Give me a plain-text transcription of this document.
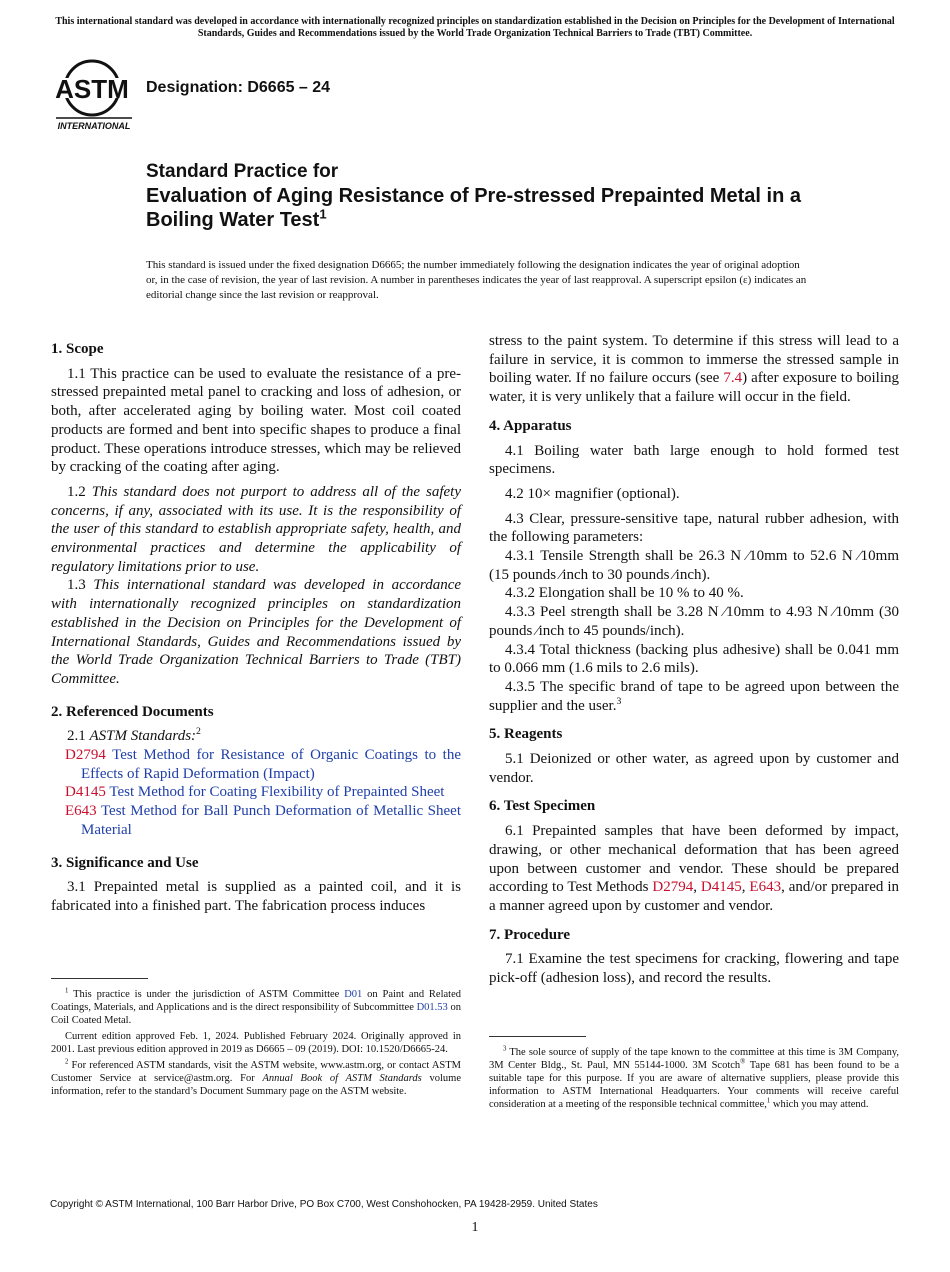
This international standard was developed in accordance with internationally recognized principles on standardization established in the Decision on Principles for the Development of International Standards, Guides and Recommendations issued by the World Trade Organization Technical Barriers to Trade (TBT) Committee.
ASTM
INTERNATIONAL
Designation: D6665 – 24
Standard Practice for
Evaluation of Aging Resistance of Pre-stressed Prepainted Metal in a Boiling Water Test$^1$
This standard is issued under the fixed designation D6665; the number immediately following the designation indicates the year of original adoption or, in the case of revision, the year of last revision. A number in parentheses indicates the year of last reapproval. A superscript epsilon (ε) indicates an editorial change since the last revision or reapproval.

1. Scope

1.1 This practice can be used to evaluate the resistance of a pre-stressed prepainted metal panel to cracking and loss of adhesion, or both, after accelerated aging by boiling water. Most coil coated products are formed and bent into specific shapes to produce a final product. These operations introduce stresses, which may be relieved by cracking of the coating after aging.

1.2 This standard does not purport to address all of the safety concerns, if any, associated with its use. It is the responsibility of the user of this standard to establish appropriate safety, health, and environmental practices and determine the applicability of regulatory limitations prior to use.

1.3 This international standard was developed in accordance with internationally recognized principles on standardization established in the Decision on Principles for the Development of International Standards, Guides and Recommendations issued by the World Trade Organization Technical Barriers to Trade (TBT) Committee.

2. Referenced Documents

2.1 ASTM Standards:$^2$

D2794 Test Method for Resistance of Organic Coatings to the Effects of Rapid Deformation (Impact)

D4145 Test Method for Coating Flexibility of Prepainted Sheet

E643 Test Method for Ball Punch Deformation of Metallic Sheet Material

3. Significance and Use

3.1 Prepainted metal is supplied as a painted coil, and it is fabricated into a finished part. The fabrication process induces

$^1$ This practice is under the jurisdiction of ASTM Committee D01 on Paint and Related Coatings, Materials, and Applications and is the direct responsibility of Subcommittee D01.53 on Coil Coated Metal.

Current edition approved Feb. 1, 2024. Published February 2024. Originally approved in 2001. Last previous edition approved in 2019 as D6665 – 09 (2019). DOI: 10.1520/D6665-24.

$^2$ For referenced ASTM standards, visit the ASTM website, www.astm.org, or contact ASTM Customer Service at service@astm.org. For Annual Book of ASTM Standards volume information, refer to the standard’s Document Summary page on the ASTM website.

stress to the paint system. To determine if this stress will lead to a failure in service, it is common to immerse the stressed sample in boiling water. If no failure occurs (see 7.4) after exposure to boiling water, it is very unlikely that a failure will occur in the field.

4. Apparatus

4.1 Boiling water bath large enough to hold formed test specimens.

4.2 10× magnifier (optional).

4.3 Clear, pressure-sensitive tape, natural rubber adhesion, with the following parameters:

4.3.1 Tensile Strength shall be 26.3 N ⁄10mm to 52.6 N ⁄10mm (15 pounds ⁄inch to 30 pounds ⁄inch).

4.3.2 Elongation shall be 10 % to 40 %.

4.3.3 Peel strength shall be 3.28 N ⁄10mm to 4.93 N ⁄10mm (30 pounds ⁄inch to 45 pounds/inch).

4.3.4 Total thickness (backing plus adhesive) shall be 0.041 mm to 0.066 mm (1.6 mils to 2.6 mils).

4.3.5 The specific brand of tape to be agreed upon between the supplier and the user.$^3$

5. Reagents

5.1 Deionized or other water, as agreed upon by customer and vendor.

6. Test Specimen

6.1 Prepainted samples that have been deformed by impact, drawing, or other mechanical deformation that has been agreed upon between customer and vendor. These should be prepared according to Test Methods D2794, D4145, E643, and/or prepared in a manner agreed upon by customer and vendor.

7. Procedure

7.1 Examine the test specimens for cracking, flowering and tape pick-off (adhesion loss), and record the results.

$^3$ The sole source of supply of the tape known to the committee at this time is 3M Company, 3M Center Bldg., St. Paul, MN 55144-1000. 3M Scotch® Tape 681 has been found to be a suitable tape for this purpose. If you are aware of alternative suppliers, please provide this information to ASTM International Headquarters. Your comments will receive careful consideration at a meeting of the responsible technical committee,$^1$ which you may attend.

Copyright © ASTM International, 100 Barr Harbor Drive, PO Box C700, West Conshohocken, PA 19428-2959. United States
1
